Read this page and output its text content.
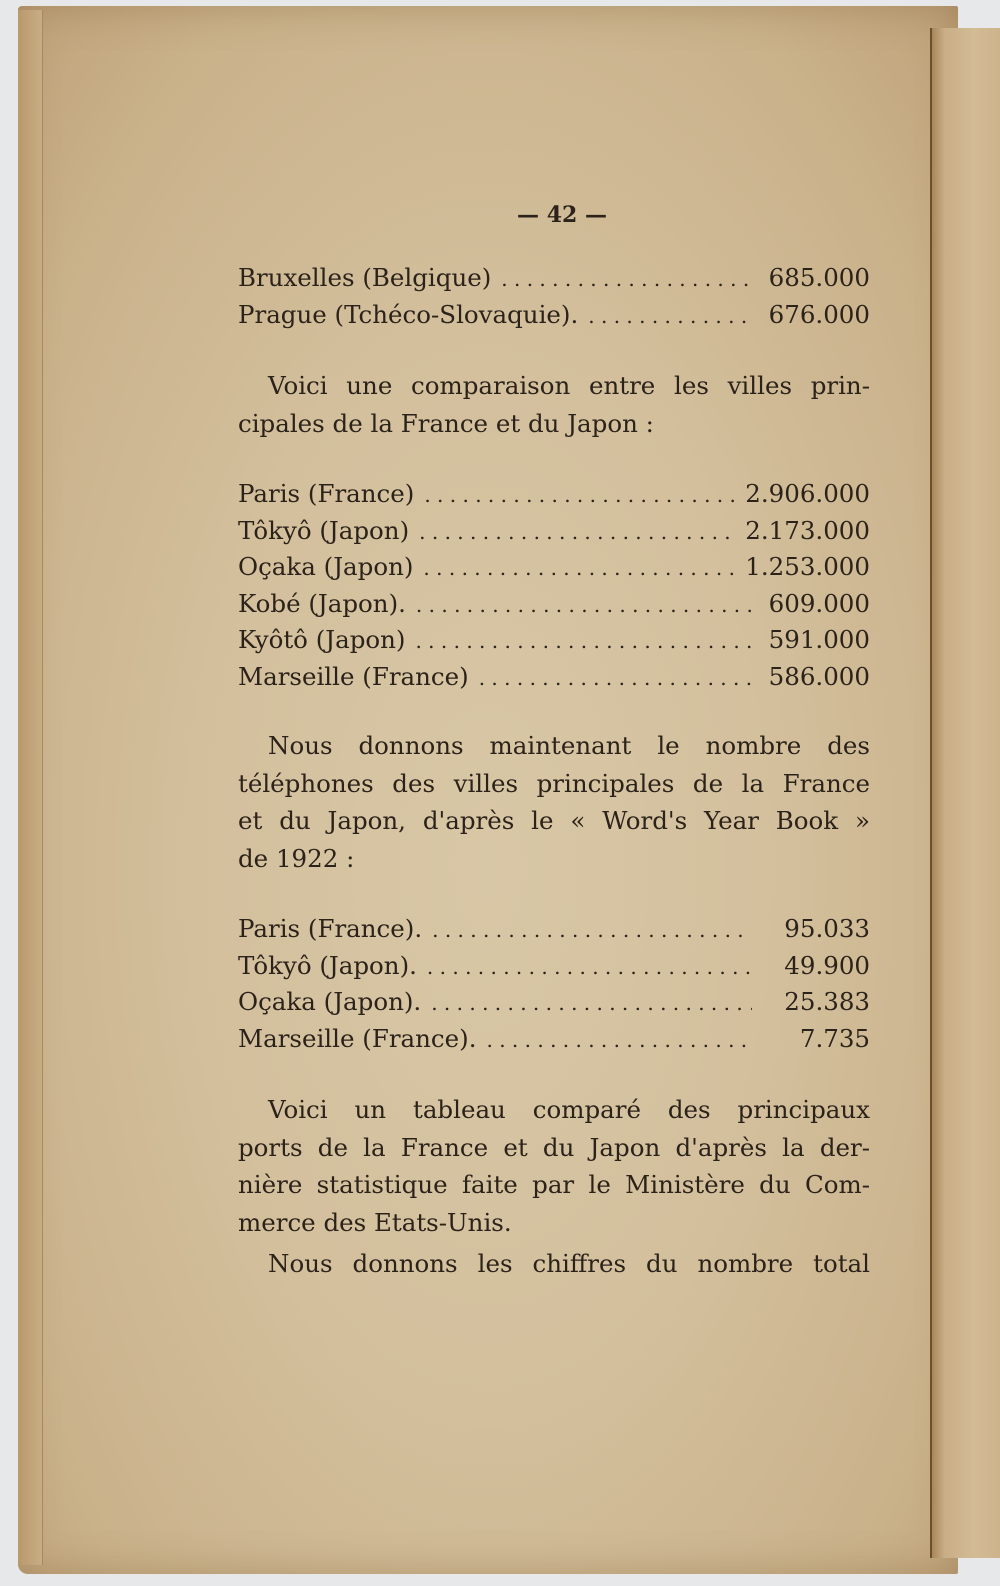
— 42 —
Bruxelles (Belgique) . . .	685.000
Prague (Tchéco-Slovaquie). . . .	676.000
Voici une comparaison entre les villes prin-
cipales de la France et du Japon :
Paris (France) . . .	2.906.000
Tôkyô (Japon) . . .	2.173.000
Oçaka (Japon) . . .	1.253.000
Kobé (Japon). . . .	609.000
Kyôtô (Japon) . . .	591.000
Marseille (France) . . .	586.000
Nous donnons maintenant le nombre des
téléphones des villes principales de la France
et du Japon, d'après le « Word's Year Book »
de 1922 :
Paris (France). . . .	95.033
Tôkyô (Japon). . . .	49.900
Oçaka (Japon). . . .	25.383
Marseille (France). . . .	7.735
Voici un tableau comparé des principaux
ports de la France et du Japon d'après la der-
nière statistique faite par le Ministère du Com-
merce des Etats-Unis.
Nous donnons les chiffres du nombre total
